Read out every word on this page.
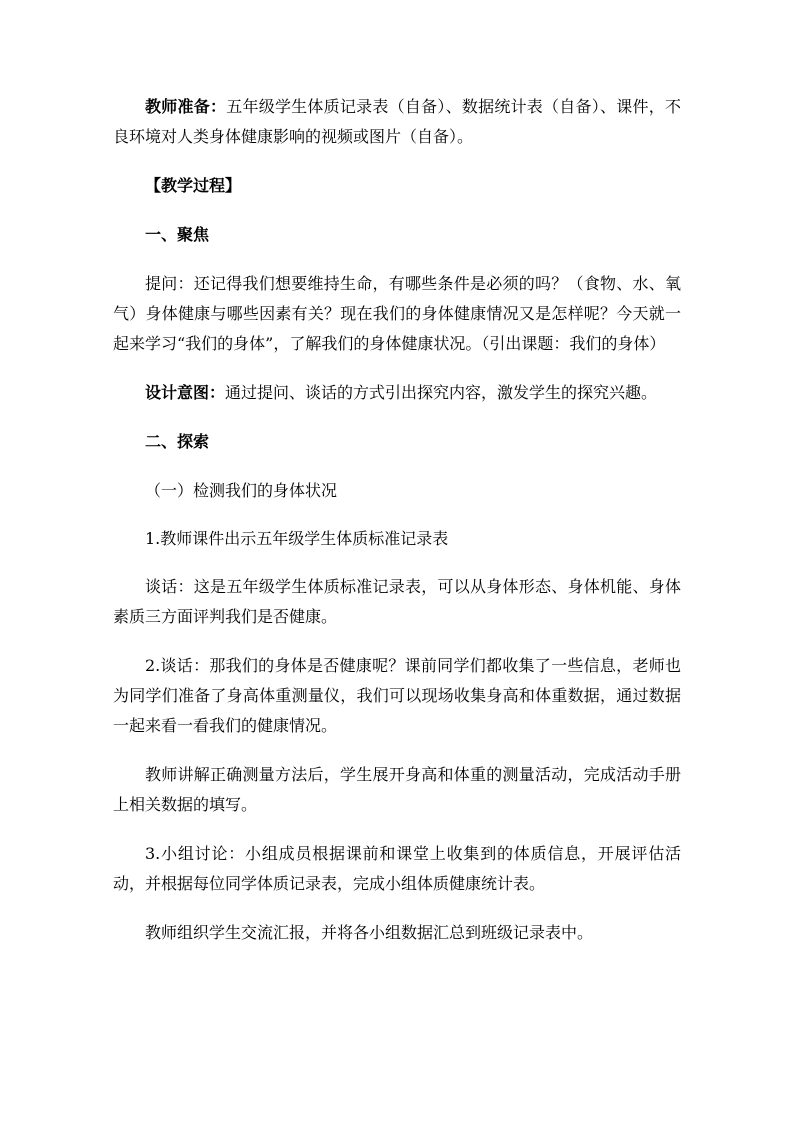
教师准备：五年级学生体质记录表（自备）、数据统计表（自备）、课件，不良环境对人类身体健康影响的视频或图片（自备）。

【教学过程】

一、聚焦

提问：还记得我们想要维持生命，有哪些条件是必须的吗？（食物、水、氧气）身体健康与哪些因素有关？现在我们的身体健康情况又是怎样呢？今天就一起来学习“我们的身体”，了解我们的身体健康状况。（引出课题：我们的身体）

设计意图：通过提问、谈话的方式引出探究内容，激发学生的探究兴趣。

二、探索

（一）检测我们的身体状况

1.教师课件出示五年级学生体质标准记录表

谈话：这是五年级学生体质标准记录表，可以从身体形态、身体机能、身体素质三方面评判我们是否健康。

2.谈话：那我们的身体是否健康呢？课前同学们都收集了一些信息，老师也为同学们准备了身高体重测量仪，我们可以现场收集身高和体重数据，通过数据一起来看一看我们的健康情况。

教师讲解正确测量方法后，学生展开身高和体重的测量活动，完成活动手册上相关数据的填写。

3.小组讨论：小组成员根据课前和课堂上收集到的体质信息，开展评估活动，并根据每位同学体质记录表，完成小组体质健康统计表。

教师组织学生交流汇报，并将各小组数据汇总到班级记录表中。
